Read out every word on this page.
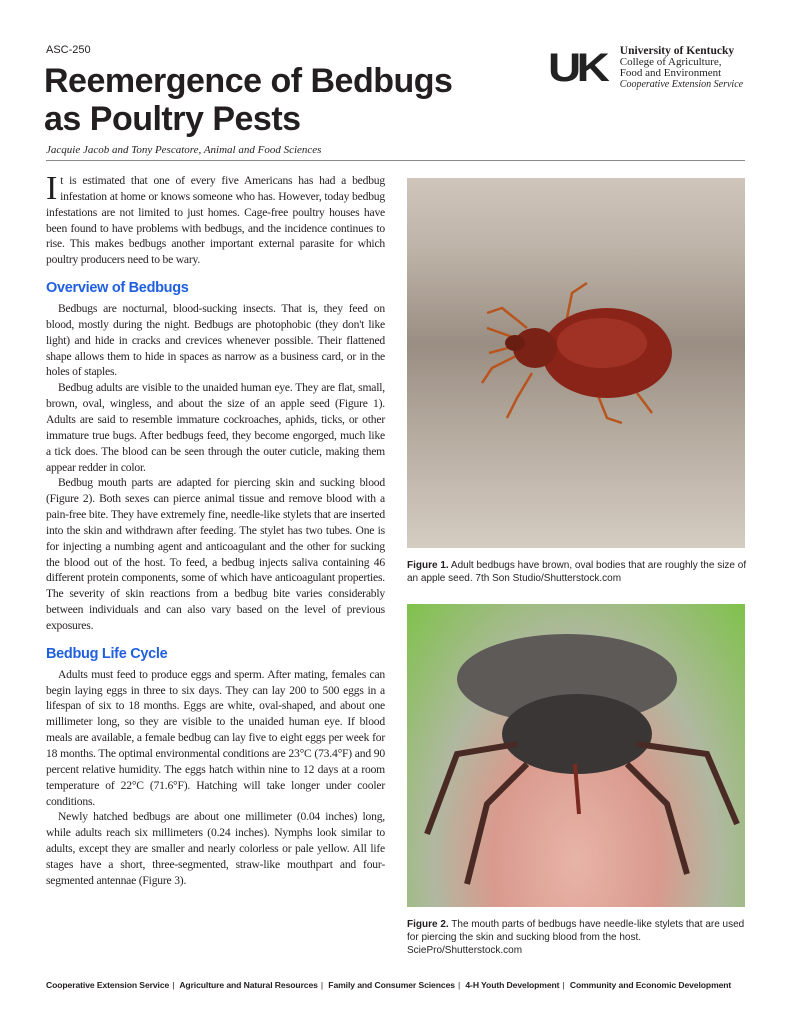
ASC-250
Reemergence of Bedbugs
as Poultry Pests
Jacquie Jacob and Tony Pescatore, Animal and Food Sciences
UK University of Kentucky
College of Agriculture,
Food and Environment
Cooperative Extension Service

It is estimated that one of every five Americans has had a bedbug infestation at home or knows someone who has. However, today bedbug infestations are not limited to just homes. Cage-free poultry houses have been found to have problems with bedbugs, and the incidence continues to rise. This makes bedbugs another important external parasite for which poultry producers need to be wary.

Overview of Bedbugs

Bedbugs are nocturnal, blood-sucking insects. That is, they feed on blood, mostly during the night. Bedbugs are photophobic (they don't like light) and hide in cracks and crevices whenever possible. Their flattened shape allows them to hide in spaces as narrow as a business card, or in the holes of staples.

Bedbug adults are visible to the unaided human eye. They are flat, small, brown, oval, wingless, and about the size of an apple seed (Figure 1). Adults are said to resemble immature cockroaches, aphids, ticks, or other immature true bugs. After bedbugs feed, they become engorged, much like a tick does. The blood can be seen through the outer cuticle, making them appear redder in color.

Bedbug mouth parts are adapted for piercing skin and sucking blood (Figure 2). Both sexes can pierce animal tissue and remove blood with a pain-free bite. They have extremely fine, needle-like stylets that are inserted into the skin and withdrawn after feeding. The stylet has two tubes. One is for injecting a numbing agent and anticoagulant and the other for sucking the blood out of the host. To feed, a bedbug injects saliva containing 46 different protein components, some of which have anticoagulant properties. The severity of skin reactions from a bedbug bite varies considerably between individuals and can also vary based on the level of previous exposures.

Bedbug Life Cycle

Adults must feed to produce eggs and sperm. After mating, females can begin laying eggs in three to six days. They can lay 200 to 500 eggs in a lifespan of six to 18 months. Eggs are white, oval-shaped, and about one millimeter long, so they are visible to the unaided human eye. If blood meals are available, a female bedbug can lay five to eight eggs per week for 18 months. The optimal environmental conditions are 23°C (73.4°F) and 90 percent relative humidity. The eggs hatch within nine to 12 days at a room temperature of 22°C (71.6°F). Hatching will take longer under cooler conditions.

Newly hatched bedbugs are about one millimeter (0.04 inches) long, while adults reach six millimeters (0.24 inches). Nymphs look similar to adults, except they are smaller and nearly colorless or pale yellow. All life stages have a short, three-segmented, straw-like mouthpart and four-segmented antennae (Figure 3).

Figure 1. Adult bedbugs have brown, oval bodies that are roughly the size of an apple seed. 7th Son Studio/Shutterstock.com
Figure 2. The mouth parts of bedbugs have needle-like stylets that are used for piercing the skin and sucking blood from the host. SciePro/Shutterstock.com
Cooperative Extension Service | Agriculture and Natural Resources | Family and Consumer Sciences | 4-H Youth Development | Community and Economic Development
